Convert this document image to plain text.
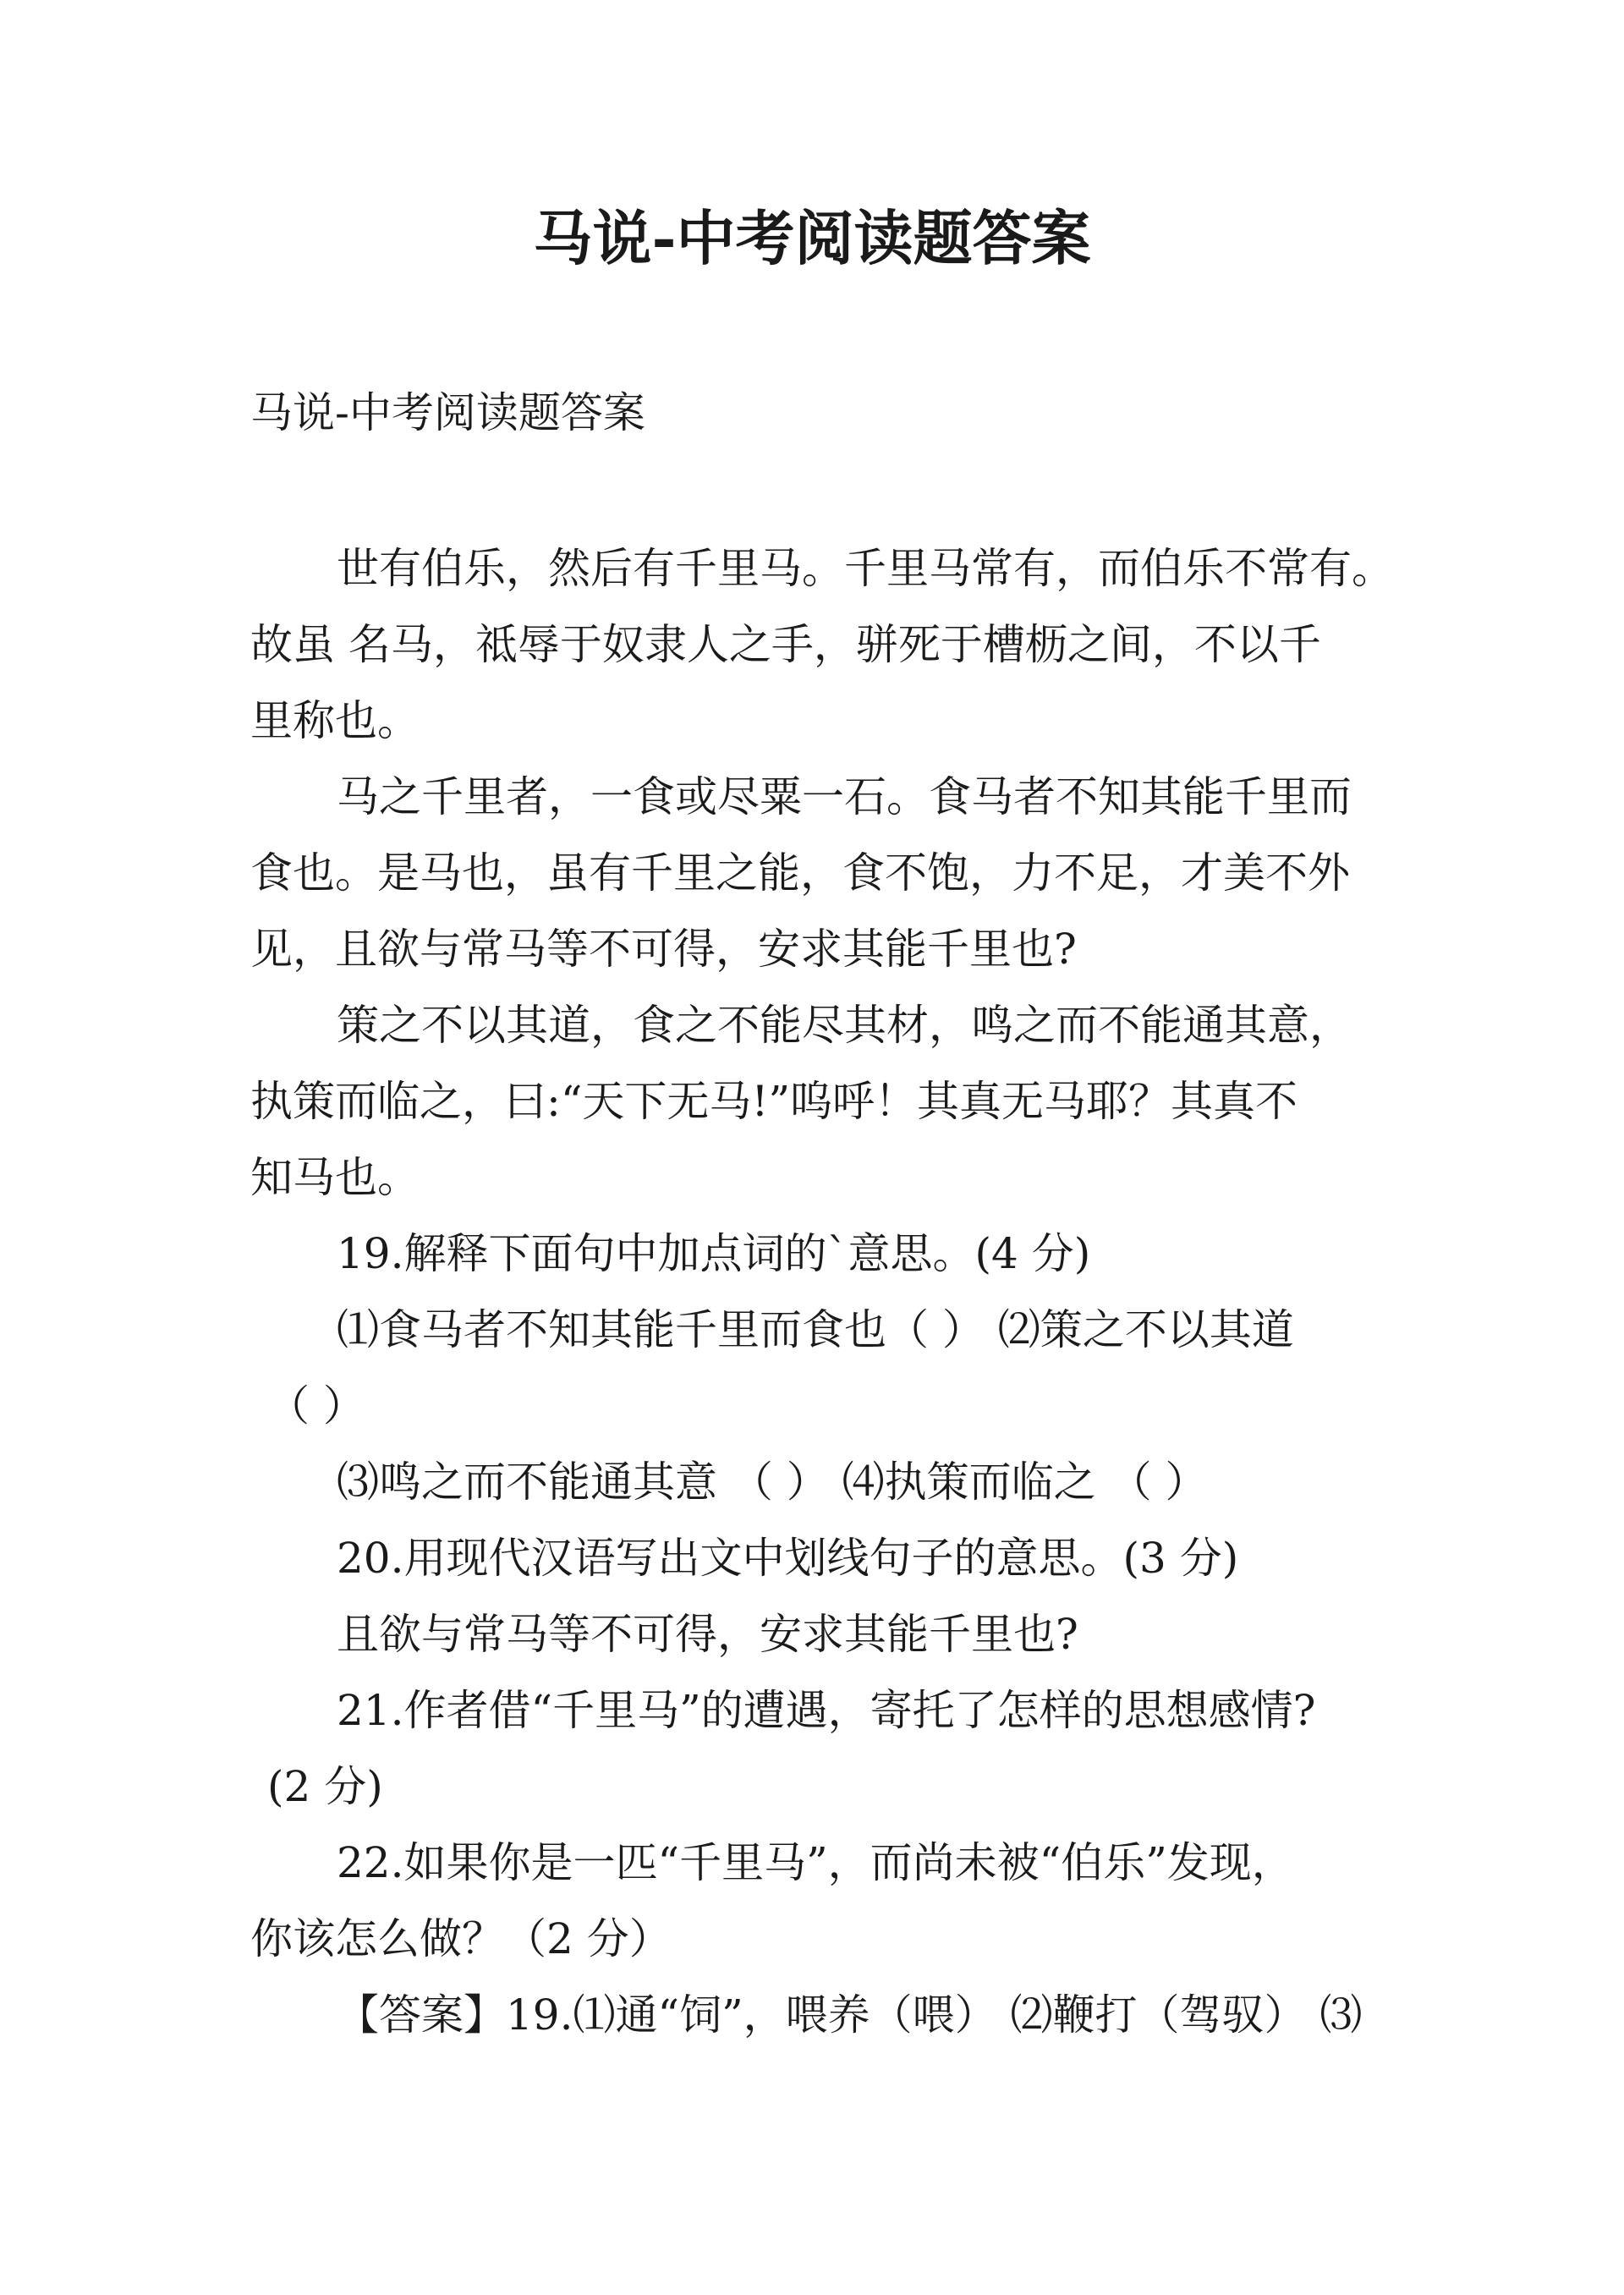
马说-中考阅读题答案

马说-中考阅读题答案

世有伯乐，然后有千里马。千里马常有，而伯乐不常有。

故虽 名马，祗辱于奴隶人之手，骈死于槽枥之间，不以千

里称也。

马之千里者，一食或尽粟一石。食马者不知其能千里而

食也。是马也，虽有千里之能，食不饱，力不足，才美不外

见，且欲与常马等不可得，安求其能千里也?

策之不以其道，食之不能尽其材，鸣之而不能通其意，

执策而临之，曰:“天下无马!”呜呼！其真无马耶？其真不

知马也。

19.解释下面句中加点词的`意思。(4 分)

⑴食马者不知其能千里而食也（ ） ⑵策之不以其道

（ ）

⑶鸣之而不能通其意 （ ） ⑷执策而临之 （ ）

20.用现代汉语写出文中划线句子的意思。(3 分)

且欲与常马等不可得，安求其能千里也?

21.作者借“千里马”的遭遇，寄托了怎样的思想感情?

(2 分)

22.如果你是一匹“千里马”，而尚未被“伯乐”发现，

你该怎么做？（2 分）

【答案】19.⑴通“饲”，喂养（喂） ⑵鞭打（驾驭） ⑶
